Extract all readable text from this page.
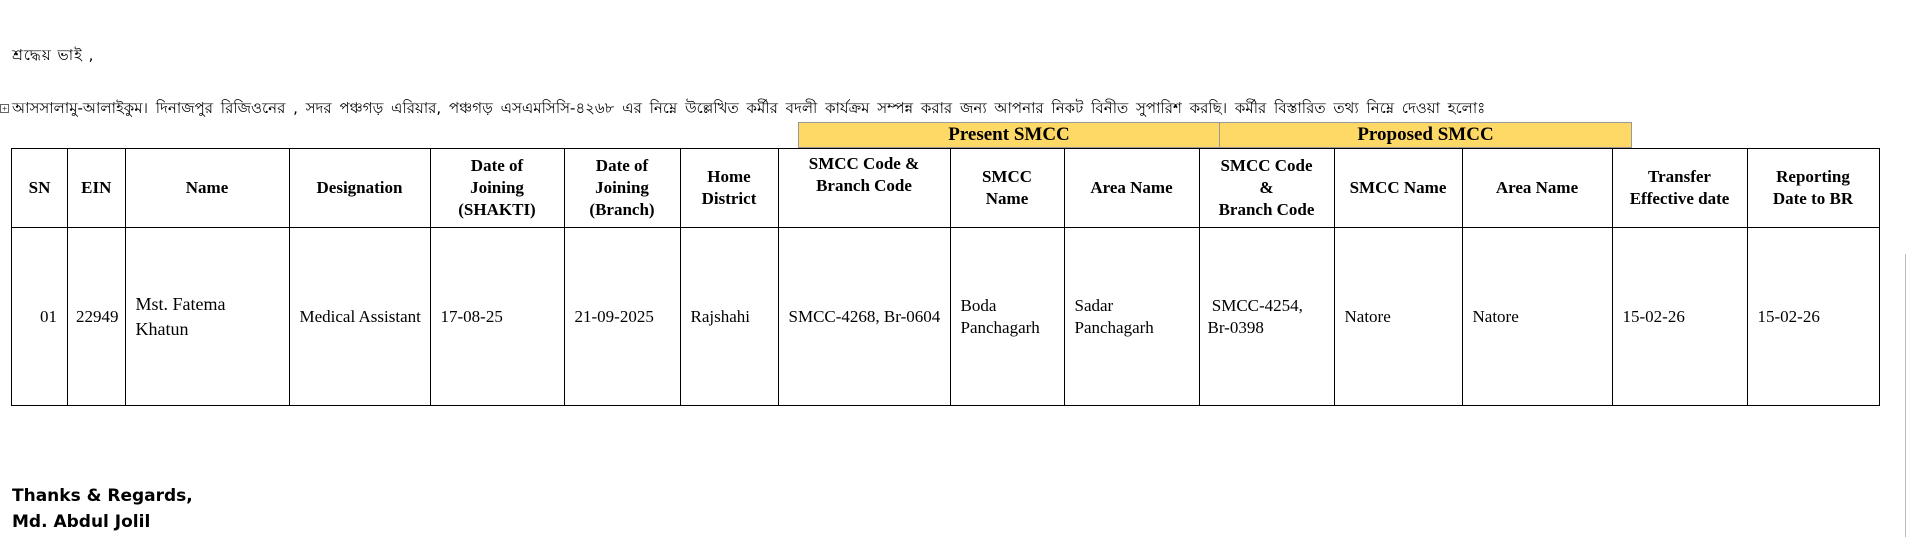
শ্রদ্ধেয় ভাই ,
+ আসসালামু-আলাইকুম। দিনাজপুর রিজিওনের , সদর পঞ্চগড় এরিয়ার, পঞ্চগড় এসএমসিসি-৪২৬৮ এর নিম্নে উল্লেখিত কর্মীর বদলী কার্যক্রম সম্পন্ন করার জন্য আপনার নিকট বিনীত সুপারিশ করছি। কর্মীর বিস্তারিত তথ্য নিম্নে দেওয়া হলোঃ
Present SMCC	Proposed SMCC
SN	EIN	Name	Designation	Date of
Joining
(SHAKTI)	Date of
Joining
(Branch)	Home
District	SMCC Code &
Branch Code	SMCC
Name	Area Name	SMCC Code
&
Branch Code	SMCC Name	Area Name	Transfer
Effective date	Reporting
Date to BR
01	22949	Mst. Fatema Khatun	Medical Assistant	17-08-25	21-09-2025	Rajshahi	SMCC-4268, Br-0604	Boda Panchagarh	Sadar Panchagarh	SMCC-4254, Br-0398	Natore	Natore	15-02-26	15-02-26
Thanks & Regards,
Md. Abdul Jolil
